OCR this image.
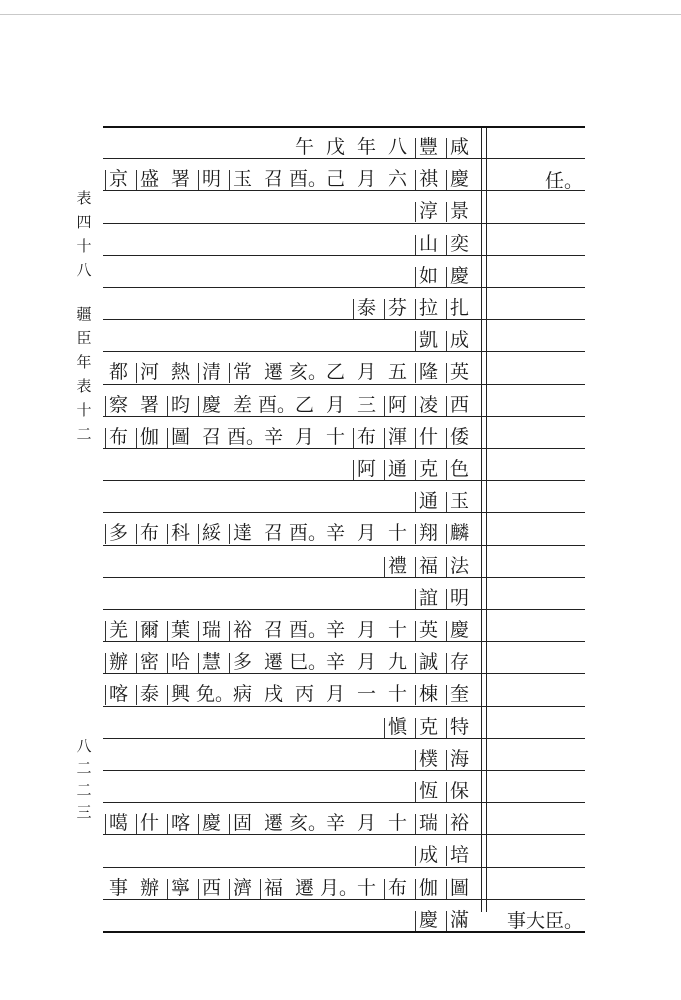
表
四
十
八
疆
臣
年
表
十
二
八
二
二
三
咸
豐
八
年
戊
午
慶
祺
六
月
己
酉。
召
玉
明
署
盛
京	任。
景
淳
奕
山
慶
如
扎
拉
芬
泰
成
凱
英
隆
五
月
乙
亥。
遷
常
清
熱
河
都
西
凌
阿
三
月
乙
酉。
差
慶
昀
署
察
倭
什
渾
布
十
月
辛
酉。
召
圖
伽
布
色
克
通
阿
玉
通
麟
翔
十
月
辛
酉。
召
達
綏
科
布
多
法
福
禮
明
誼
慶
英
十
月
辛
酉。
召
裕
瑞
葉
爾
羌
存
誠
九
月
辛
巳。
遷
多
慧
哈
密
辦
奎
棟
十
一
月
丙
戌
病
免。
興
泰
喀
特
克
愼
海
樸
保
恆
裕
瑞
十
月
辛
亥。
遷
固
慶
喀
什
噶
培
成
圖
伽
布
十
月。
遷
福
濟
西
寧
辦
事
滿
慶	事大臣。
